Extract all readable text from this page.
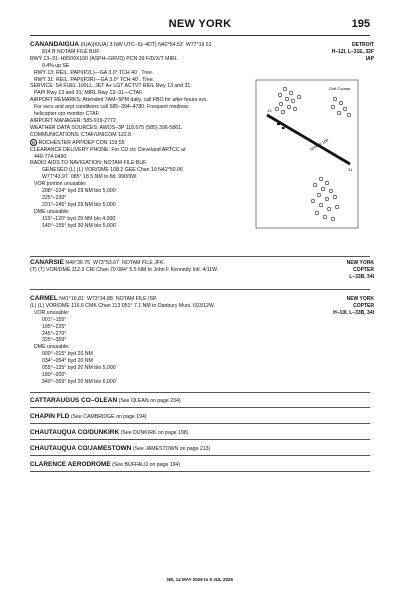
NEW YORK	195
CANANDAIGUA (IUA)(KIUA) 3 NW UTC–5(–4DT) N42°54.53´ W77°19.51´
814 B NOTAM FILE BUF
DETROIT
H–12I, L–31E, 32F
IAP
RWY 13–31: H5500X100 (ASPH–GRVD) PCN 39 F/D/X/T MIRL
0.4% up SE
RWY 13: REIL. PAPI(P2L)—GA 3.0° TCH 40´. Tree.
RWY 31: REIL. PAPI(P2R)—GA 3.0° TCH 40´. Tree.
SERVICE: S4 FUEL 100LL, JET A+ LGT ACTVT REIL Rwy 13 and 31;
PAPI Rwy 13 and 31; MIRL Rwy 13–31—CTAF.
AIRPORT REMARKS: Attended 7AM–5PM daily, call FBO for after hours svc.
For svcs and arpt conditions call 585–394–4780. Frequent medivac
helicopter opr monitor CTAF.
AIRPORT MANAGER: 585-919-2772
WEATHER DATA SOURCES: AWOS–3P 118.675 (585) 396-5861.
COMMUNICATIONS: CTAF/UNICOM 122.8
R ROCHESTER APP/DEP CON 119.55
CLEARANCE DELIVERY PHONE: For CD ctc Cleveland ARTCC at
440-774-0490.
RADIO AIDS TO NAVIGATION: NOTAM FILE BUF.
GENESEO (L) (L) VOR/DME 108.2 GEE Chan 19 N42°50.06´
W77°43.97´ 085° 18.5 NM to fld. 990/9W.
VOR portion unusable:
208°–224° byd 29 NM blo 5,000´
225°–230°
231°–245° byd 29 NM blo 5,000´
DME unusable:
115°–120° byd 29 NM blo 4,000´
140°–155° byd 30 NM blo 5,000´
Golf Course
13
31
5500 X 100
CANARSIE N40°36.75´ W73°53.67´ NOTAM FILE JFK.
(T) (T) VOR/DME 112.3 CRI Chan 70 084° 5.5 NM to John F Kennedy Intl. 4/11W.
NEW YORK
COPTER
L–33B, 34I
CARMEL N41°16.81´ W73°34.88´ NOTAM FILE ISP.
(L) (L) VOR/DME 116.6 CMK Chan 113 051° 7.1 NM to Danbury Muni. 693/12W.
NEW YORK
COPTER
H–10I, L–33B, 34I
VOR unusable:
001°–155°
195°–225°
245°–270°
325°–359°
DME unusable:
000°–015° byd 20 NM
034°–054° byd 20 NM
055°–135° byd 20 NM blo 5,000´
180°–200°
340°–359° byd 20 NM blo 6,000´
CATTARAUGUS CO–OLEAN (See OLEAN on page 234)
CHAPIN FLD (See CAMBRIDGE on page 194)
CHAUTAUQUA CO/DUNKIRK (See DUNKIRK on page 198)
CHAUTAUQUA CO/JAMESTOWN (See JAMESTOWN on page 213)
CLARENCE AERODROME (See BUFFALO on page 194)
NE, 14 MAY 2026 to 9 JUL 2026
